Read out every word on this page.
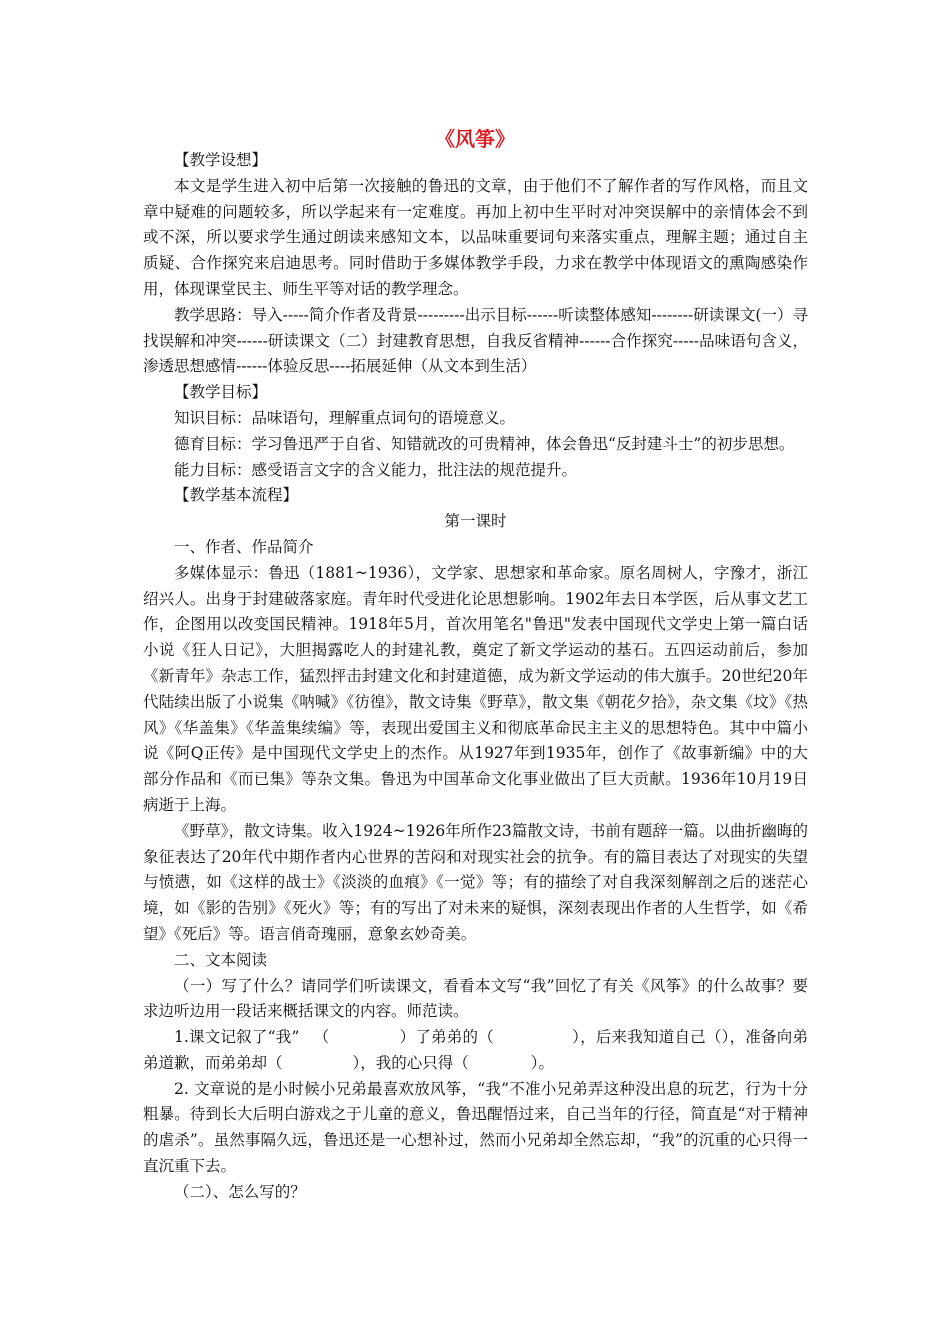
《风筝》

【教学设想】

本文是学生进入初中后第一次接触的鲁迅的文章，由于他们不了解作者的写作风格，而且文章中疑难的问题较多，所以学起来有一定难度。再加上初中生平时对冲突误解中的亲情体会不到或不深，所以要求学生通过朗读来感知文本，以品味重要词句来落实重点，理解主题；通过自主质疑、合作探究来启迪思考。同时借助于多媒体教学手段，力求在教学中体现语文的熏陶感染作用，体现课堂民主、师生平等对话的教学理念。

教学思路：导入-----简介作者及背景---------出示目标------听读整体感知--------研读课文(一）寻找误解和冲突------研读课文（二）封建教育思想，自我反省精神------合作探究-----品味语句含义，渗透思想感情------体验反思----拓展延伸（从文本到生活）

【教学目标】

知识目标：品味语句，理解重点词句的语境意义。

德育目标：学习鲁迅严于自省、知错就改的可贵精神，体会鲁迅“反封建斗士”的初步思想。

能力目标：感受语言文字的含义能力，批注法的规范提升。

【教学基本流程】

第一课时

一、作者、作品简介

多媒体显示：鲁迅（1881~1936），文学家、思想家和革命家。原名周树人，字豫才，浙江绍兴人。出身于封建破落家庭。青年时代受进化论思想影响。1902年去日本学医，后从事文艺工作，企图用以改变国民精神。1918年5月，首次用笔名"鲁迅"发表中国现代文学史上第一篇白话小说《狂人日记》，大胆揭露吃人的封建礼教，奠定了新文学运动的基石。五四运动前后，参加《新青年》杂志工作，猛烈抨击封建文化和封建道德，成为新文学运动的伟大旗手。20世纪20年代陆续出版了小说集《呐喊》《彷徨》，散文诗集《野草》，散文集《朝花夕拾》，杂文集《坟》《热风》《华盖集》《华盖集续编》等，表现出爱国主义和彻底革命民主主义的思想特色。其中中篇小说《阿Q正传》是中国现代文学史上的杰作。从1927年到1935年，创作了《故事新编》中的大部分作品和《而已集》等杂文集。鲁迅为中国革命文化事业做出了巨大贡献。1936年10月19日病逝于上海。

《野草》，散文诗集。收入1924~1926年所作23篇散文诗，书前有题辞一篇。以曲折幽晦的象征表达了20年代中期作者内心世界的苦闷和对现实社会的抗争。有的篇目表达了对现实的失望与愤懑，如《这样的战士》《淡淡的血痕》《一觉》等；有的描绘了对自我深刻解剖之后的迷茫心境，如《影的告别》《死火》等；有的写出了对未来的疑惧，深刻表现出作者的人生哲学，如《希望》《死后》等。语言俏奇瑰丽，意象玄妙奇美。

二、文本阅读

（一）写了什么？请同学们听读课文，看看本文写“我”回忆了有关《风筝》的什么故事？要求边听边用一段话来概括课文的内容。师范读。

1.课文记叙了“我” （	）了弟弟的（	），后来我知道自己（），准备向弟弟道歉，而弟弟却（	），我的心只得（	）。

2. 文章说的是小时候小兄弟最喜欢放风筝，“我”不准小兄弟弄这种没出息的玩艺，行为十分粗暴。待到长大后明白游戏之于儿童的意义，鲁迅醒悟过来，自己当年的行径，简直是“对于精神的虐杀”。虽然事隔久远，鲁迅还是一心想补过，然而小兄弟却全然忘却，“我”的沉重的心只得一直沉重下去。

（二）、怎么写的？
